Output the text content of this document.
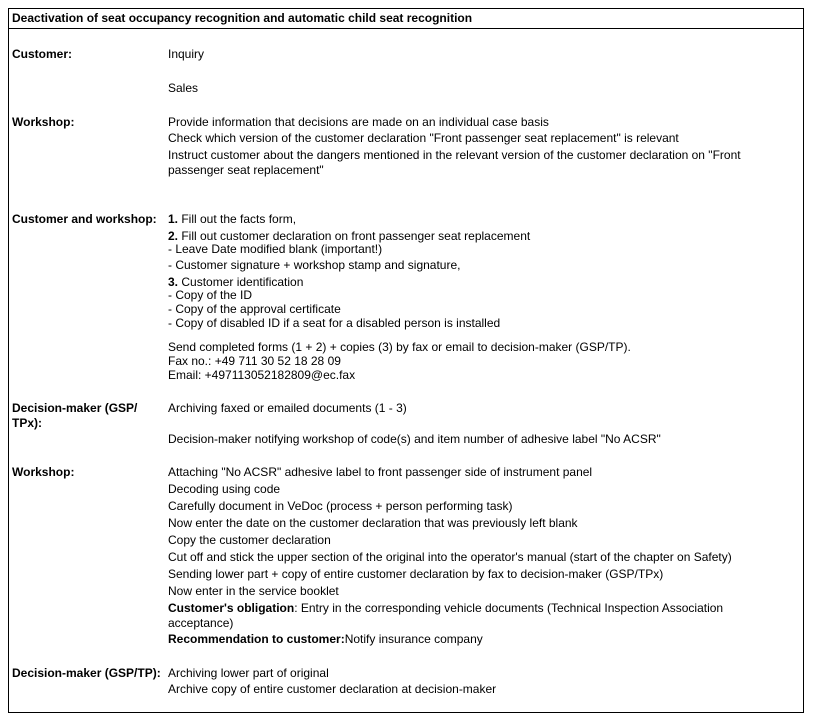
Deactivation of seat occupancy recognition and automatic child seat recognition
Customer:	Inquiry
Sales
Workshop:	Provide information that decisions are made on an individual case basis
Check which version of the customer declaration "Front passenger seat replacement" is relevant
Instruct customer about the dangers mentioned in the relevant version of the customer declaration on "Front passenger seat replacement"
Customer and workshop: 1. Fill out the facts form,
2. Fill out customer declaration on front passenger seat replacement
- Leave Date modified blank (important!)
- Customer signature + workshop stamp and signature,
3. Customer identification
- Copy of the ID
- Copy of the approval certificate
- Copy of disabled ID if a seat for a disabled person is installed
Send completed forms (1 + 2) + copies (3) by fax or email to decision-maker (GSP/TP).
Fax no.: +49 711 30 52 18 28 09
Email: +497113052182809@ec.fax
Decision-maker (GSP/ TPx):
Archiving faxed or emailed documents (1 - 3)
Decision-maker notifying workshop of code(s) and item number of adhesive label "No ACSR"
Workshop:	Attaching "No ACSR" adhesive label to front passenger side of instrument panel
Decoding using code
Carefully document in VeDoc (process + person performing task)
Now enter the date on the customer declaration that was previously left blank
Copy the customer declaration
Cut off and stick the upper section of the original into the operator's manual (start of the chapter on Safety)
Sending lower part + copy of entire customer declaration by fax to decision-maker (GSP/TPx)
Now enter in the service booklet
Customer's obligation: Entry in the corresponding vehicle documents (Technical Inspection Association acceptance)
Recommendation to customer:Notify insurance company
Decision-maker (GSP/TP): Archiving lower part of original
Archive copy of entire customer declaration at decision-maker
